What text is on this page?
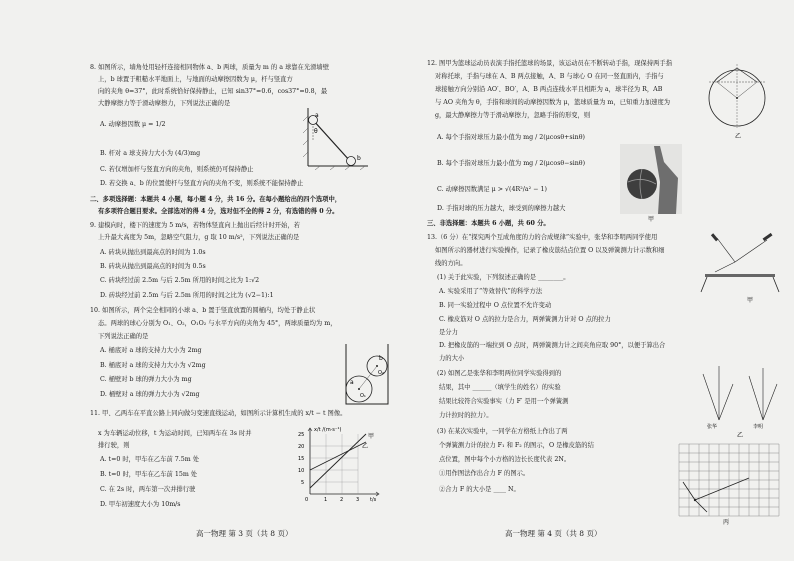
8. 如图所示，墙角处用轻杆连接相同物体 a、b 两球，质量为 m 的 a 球靠在光滑墙壁
上，b 球置于粗糙水平地面上，与地面的动摩擦因数为 μ，杆与竖直方
向的夹角 θ=37°，此时系统恰好保持静止，已知 sin37°=0.6，cos37°=0.8，最
大静摩擦力等于滑动摩擦力，下列说法正确的是
A. 动摩擦因数 μ = 1/2
B. 杆对 a 球支持力大小为 (4/3)mg
C. 若仅增加杆与竖直方向的夹角，则系统仍可保持静止
D. 若交换 a、b 的位置使杆与竖直方向的夹角不变，则系统不能保持静止
a
θ
b
二、多项选择题：本题共 4 小题，每小题 4 分，共 16 分。在每小题给出的四个选项中，
有多项符合题目要求。全部选对的得 4 分，选对但不全的得 2 分，有选错的得 0 分。
9. 建模向时，楼下的速度为 5 m/s，若物体竖直向上抛出后经计时开始，若
上升最大高度为 5m，忽略空气阻力，g 取 10 m/s²，下列说法正确的是
A. 砖块从抛出到最高点的时间为 1.0s
B. 砖块从抛出到最高点的时间为 0.5s
C. 砖块经过前 2.5m 与后 2.5m 所用的时间之比为 1:√2
D. 砖块经过前 2.5m 与后 2.5m 所用的时间之比为 (√2−1):1
10. 如图所示，两个完全相同的小球 a、b 置于竖直放置的圆桶内，均处于静止状
态。两球的球心分别为 O₁、O₂，O₁O₂ 与水平方向的夹角为 45°，两球质量均为 m，
下列说法正确的是
A. 桶底对 a 球的支持力大小为 2mg
B. 桶底对 a 球的支持力大小为 √2mg
C. 桶壁对 b 球的弹力大小为 mg
D. 桶壁对 a 球的弹力大小为 √2mg
b
O₂
a
O₁
11. 甲、乙两车在平直公路上同向做匀变速直线运动，如图所示计算机生成的 x/t − t 图像。
x 为车辆运动位移，t 为运动时间，已知两车在 3s 时并
排行驶，则
A. t=0 时，甲车在乙车前 7.5m 处
B. t=0 时，甲车在乙车前 15m 处
C. 在 2s 时，两车第一次并排行驶
D. 甲车初速度大小为 10m/s
x/t /(m·s⁻¹)
25
20
15
10
5
0	1	2	3 t/s
乙
甲
高一物理 第 3 页（共 8 页）
12. 图甲为篮球运动员表演手指托篮球的场景，该运动员在不断转动手指，现保持两手指
对称托球，手指与球在 A、B 两点接触，A、B 与球心 O 在同一竖直面内，手指与
球接触方向分别沿 AO′、BO′，A、B 两点连线水平且相距为 a，球半径为 R，AB
与 AO 夹角为 θ，手指和球间的动摩擦因数为 μ，篮球质量为 m，已知重力加速度为
g，最大静摩擦力等于滑动摩擦力，忽略手指的形变，则
A. 每个手指对球压力最小值为 mg / 2(μcosθ+sinθ)
B. 每个手指对球压力最小值为 mg / 2(μcosθ−sinθ)
C. 动摩擦因数满足 μ > √(4R²/a² − 1)
D. 手指对球的压力越大，球受到的摩擦力越大
甲
乙
三、非选择题：本题共 6 小题，共 60 分。
13.（6 分）在“探究两个互成角度的力的合成规律”实验中，张华和李明两同学使用
如图所示的器材进行实验操作，记录了橡皮筋结点位置 O 以及弹簧测力计示数和细
线的方向。
(1) 关于此实验，下列叙述正确的是 ________。
A. 实验采用了“等效替代”的科学方法
B. 同一实验过程中 O 点位置不允许变动
C. 橡皮筋对 O 点的拉力是合力，两弹簧测力计对 O 点的拉力
是分力
D. 把橡皮筋的一端拉到 O 点时，两弹簧测力计之间夹角应取 90°，以便于算出合
力的大小
(2) 如图乙是张华和李明两位同学实验得到的
结果，其中 ______（填学生的姓名）的实验
结果比较符合实验事实（力 F′ 是用一个弹簧测
力计拉时的拉力）。
(3) 在某次实验中，一同学在方格纸上作出了两
个弹簧测力计的拉力 F₁ 和 F₂ 的图示，O 是橡皮筋的结
点位置，图中每个小方格的边长长度代表 2N。
①用作图法作出合力 F 的图示。
②合力 F 的大小是 ____ N。
甲
张华	李明
乙
丙
高一物理 第 4 页（共 8 页）
